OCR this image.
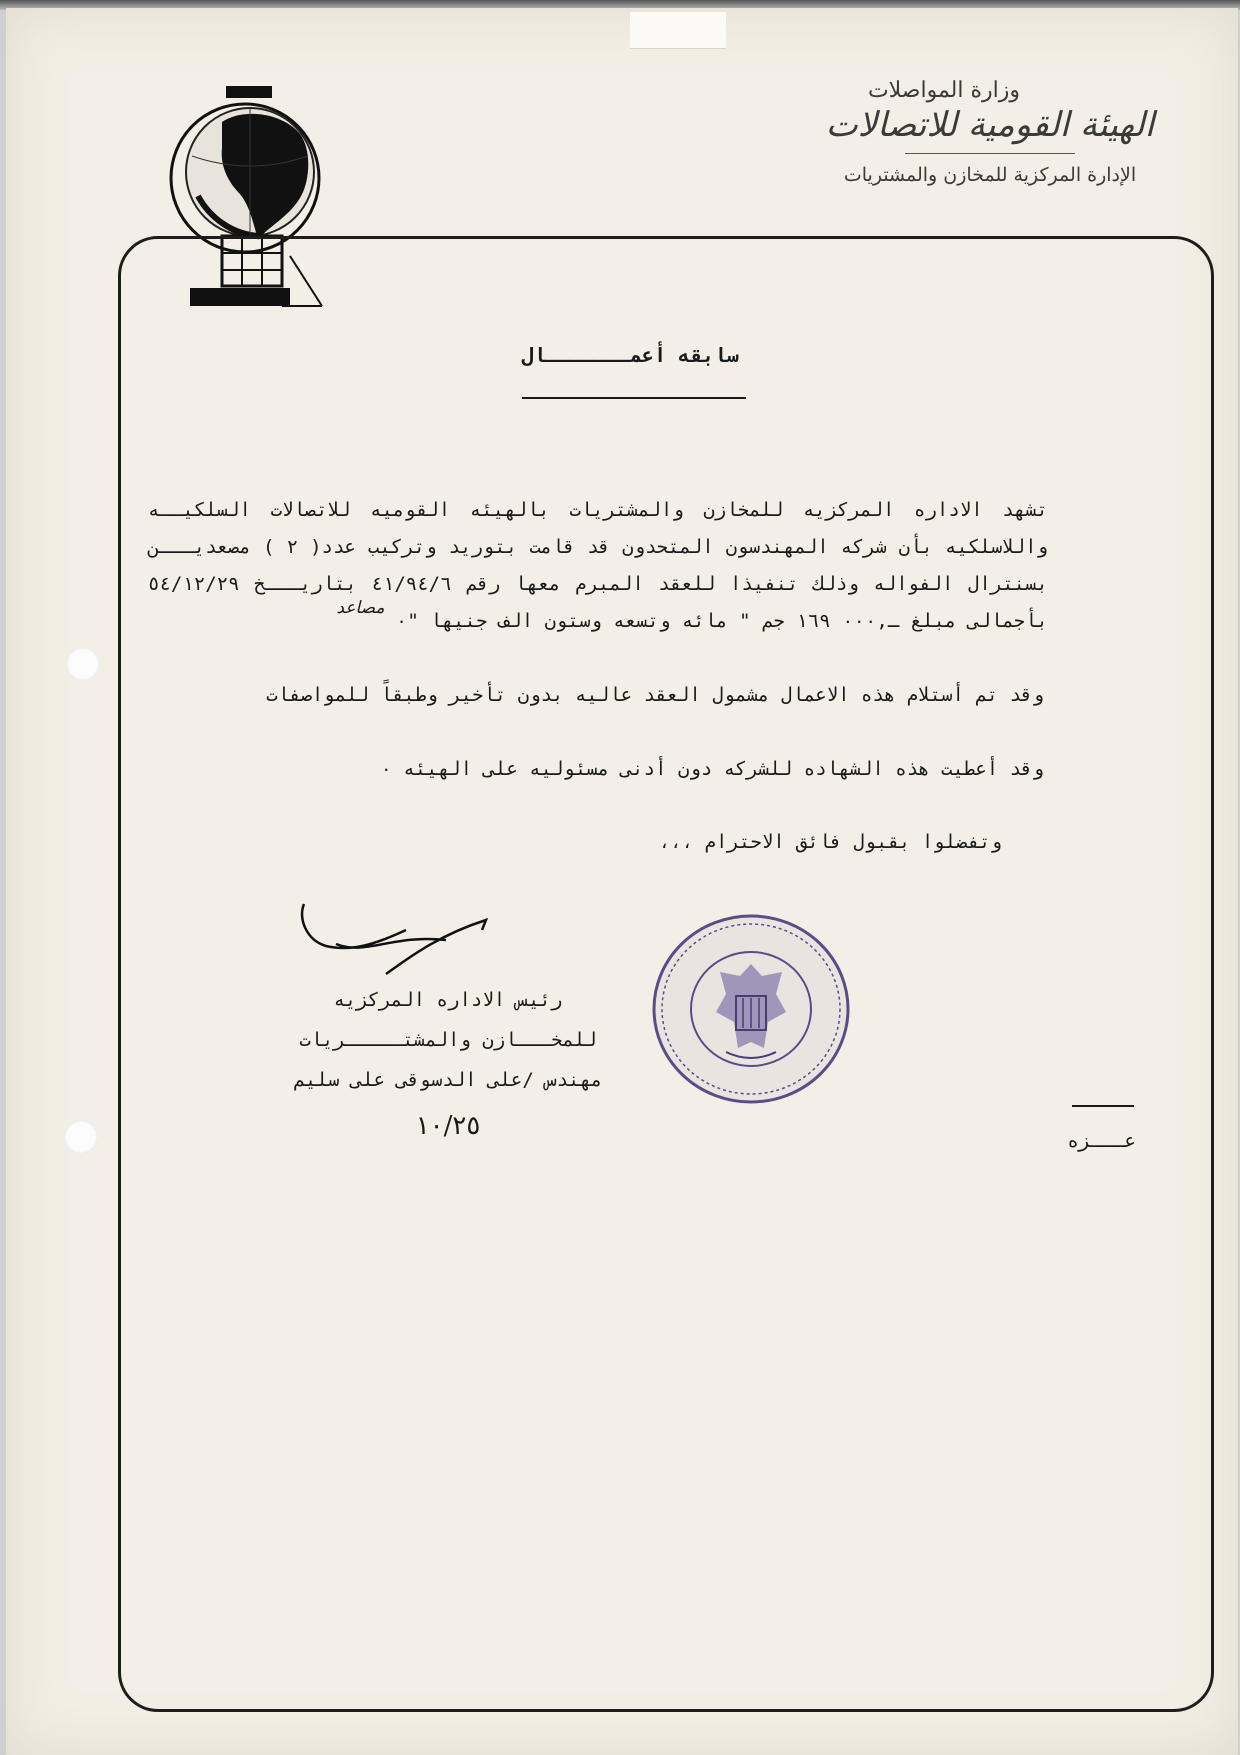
وزارة المواصلات
الهيئة القومية للاتصالات
الإدارة المركزية للمخازن والمشتريات
سابقه أعمـــــــال
تشهد الاداره المركزيه للمخازن والمشتريات بالهيئه القوميه للاتصالات السلكيــه واللاسلكيه بأن شركه المهندسون المتحدون قد قامت بتوريد وتركيب عدد( ٢ ) مصعديـــن بسنترال الفواله وذلك تنفيذا للعقد المبرم معها رقم ٤١/٩٤/٦ بتاريـــخ ٥٤/١٢/٢٩ بأجمالى مبلغ ـ,٠٠٠ ١٦٩ جم " مائه وتسعه وستون الف جنيها "٠ مصاعد
وقد تم أستلام هذه الاعمال مشمول العقد عاليه بدون تأخير وطبقاً للمواصفات
وقد أعطيت هذه الشهاده للشركه دون أدنى مسئوليه على الهيئه ٠
وتفضلوا بقبول فائق الاحترام ،،،
رئيس الاداره المركزيه
للمخـــازن والمشتـــــريات
مهندس /على الدسوقى على سليم
١٠/٢٥	عـــزه
